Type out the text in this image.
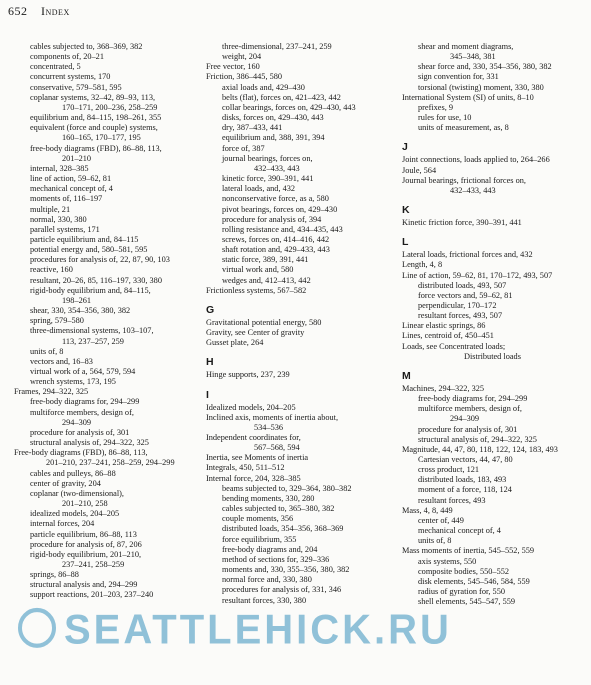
652 Index
cables subjected to, 368–369, 382
components of, 20–21
concentrated, 5
concurrent systems, 170
conservative, 579–581, 595
coplanar systems, 32–42, 89–93, 113,
170–171, 200–236, 258–259
equilibrium and, 84–115, 198–261, 355
equivalent (force and couple) systems,
160–165, 170–177, 195
free-body diagrams (FBD), 86–88, 113,
201–210
internal, 328–385
line of action, 59–62, 81
mechanical concept of, 4
moments of, 116–197
multiple, 21
normal, 330, 380
parallel systems, 171
particle equilibrium and, 84–115
potential energy and, 580–581, 595
procedures for analysis of, 22, 87, 90, 103
reactive, 160
resultant, 20–26, 85, 116–197, 330, 380
rigid-body equilibrium and, 84–115,
198–261
shear, 330, 354–356, 380, 382
spring, 579–580
three-dimensional systems, 103–107,
113, 237–257, 259
units of, 8
vectors and, 16–83
virtual work of a, 564, 579, 594
wrench systems, 173, 195
Frames, 294–322, 325
free-body diagrams for, 294–299
multiforce members, design of,
294–309
procedure for analysis of, 301
structural analysis of, 294–322, 325
Free-body diagrams (FBD), 86–88, 113,
201–210, 237–241, 258–259, 294–299
cables and pulleys, 86–88
center of gravity, 204
coplanar (two-dimensional),
201–210, 258
idealized models, 204–205
internal forces, 204
particle equilibrium, 86–88, 113
procedure for analysis of, 87, 206
rigid-body equilibrium, 201–210,
237–241, 258–259
springs, 86–88
structural analysis and, 294–299
support reactions, 201–203, 237–240
three-dimensional, 237–241, 259
weight, 204
Free vector, 160
Friction, 386–445, 580
axial loads and, 429–430
belts (flat), forces on, 421–423, 442
collar bearings, forces on, 429–430, 443
disks, forces on, 429–430, 443
dry, 387–433, 441
equilibrium and, 388, 391, 394
force of, 387
journal bearings, forces on,
432–433, 443
kinetic force, 390–391, 441
lateral loads, and, 432
nonconservative force, as a, 580
pivot bearings, forces on, 429–430
procedure for analysis of, 394
rolling resistance and, 434–435, 443
screws, forces on, 414–416, 442
shaft rotation and, 429–433, 443
static force, 389, 391, 441
virtual work and, 580
wedges and, 412–413, 442
Frictionless systems, 567–582
G
Gravitational potential energy, 580
Gravity, see Center of gravity
Gusset plate, 264
H
Hinge supports, 237, 239
I
Idealized models, 204–205
Inclined axis, moments of inertia about,
534–536
Independent coordinates for,
567–568, 594
Inertia, see Moments of inertia
Integrals, 450, 511–512
Internal force, 204, 328–385
beams subjected to, 329–364, 380–382
bending moments, 330, 280
cables subjected to, 365–380, 382
couple moments, 356
distributed loads, 354–356, 368–369
force equilibrium, 355
free-body diagrams and, 204
method of sections for, 329–336
moments and, 330, 355–356, 380, 382
normal force and, 330, 380
procedures for analysis of, 331, 346
resultant forces, 330, 380
shear and moment diagrams,
345–348, 381
shear force and, 330, 354–356, 380, 382
sign convention for, 331
torsional (twisting) moment, 330, 380
International System (SI) of units, 8–10
prefixes, 9
rules for use, 10
units of measurement, as, 8
J
Joint connections, loads applied to, 264–266
Joule, 564
Journal bearings, frictional forces on,
432–433, 443
K
Kinetic friction force, 390–391, 441
L
Lateral loads, frictional forces and, 432
Length, 4, 8
Line of action, 59–62, 81, 170–172, 493, 507
distributed loads, 493, 507
force vectors and, 59–62, 81
perpendicular, 170–172
resultant forces, 493, 507
Linear elastic springs, 86
Lines, centroid of, 450–451
Loads, see Concentrated loads;
Distributed loads
M
Machines, 294–322, 325
free-body diagrams for, 294–299
multiforce members, design of,
294–309
procedure for analysis of, 301
structural analysis of, 294–322, 325
Magnitude, 44, 47, 80, 118, 122, 124, 183, 493
Cartesian vectors, 44, 47, 80
cross product, 121
distributed loads, 183, 493
moment of a force, 118, 124
resultant forces, 493
Mass, 4, 8, 449
center of, 449
mechanical concept of, 4
units of, 8
Mass moments of inertia, 545–552, 559
axis systems, 550
composite bodies, 550–552
disk elements, 545–546, 584, 559
radius of gyration for, 550
shell elements, 545–547, 559
SEATTLEHICK.RU
